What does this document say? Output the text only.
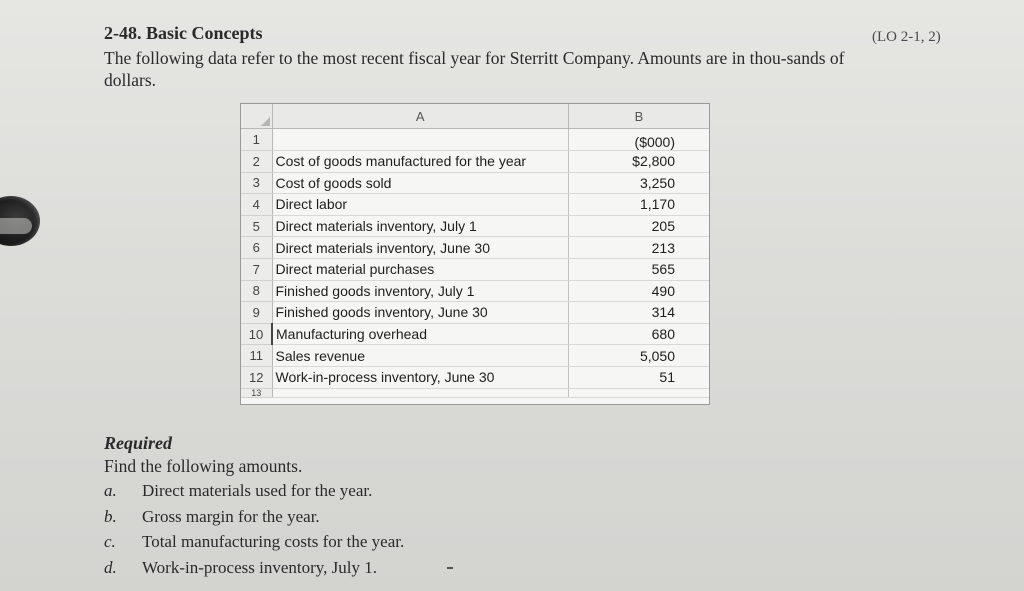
2-48. Basic Concepts	(LO 2-1, 2)
The following data refer to the most recent fiscal year for Sterritt Company. Amounts are in thou-sands of dollars.
	A	B
1		($000)
2	Cost of goods manufactured for the year	$2,800
3	Cost of goods sold	3,250
4	Direct labor	1,170
5	Direct materials inventory, July 1	205
6	Direct materials inventory, June 30	213
7	Direct material purchases	565
8	Finished goods inventory, July 1	490
9	Finished goods inventory, June 30	314
10	Manufacturing overhead	680
11	Sales revenue	5,050
12	Work-in-process inventory, June 30	51
13		
Required
Find the following amounts.
a.	Direct materials used for the year.
b.	Gross margin for the year.
c.	Total manufacturing costs for the year.
d.	Work-in-process inventory, July 1.
